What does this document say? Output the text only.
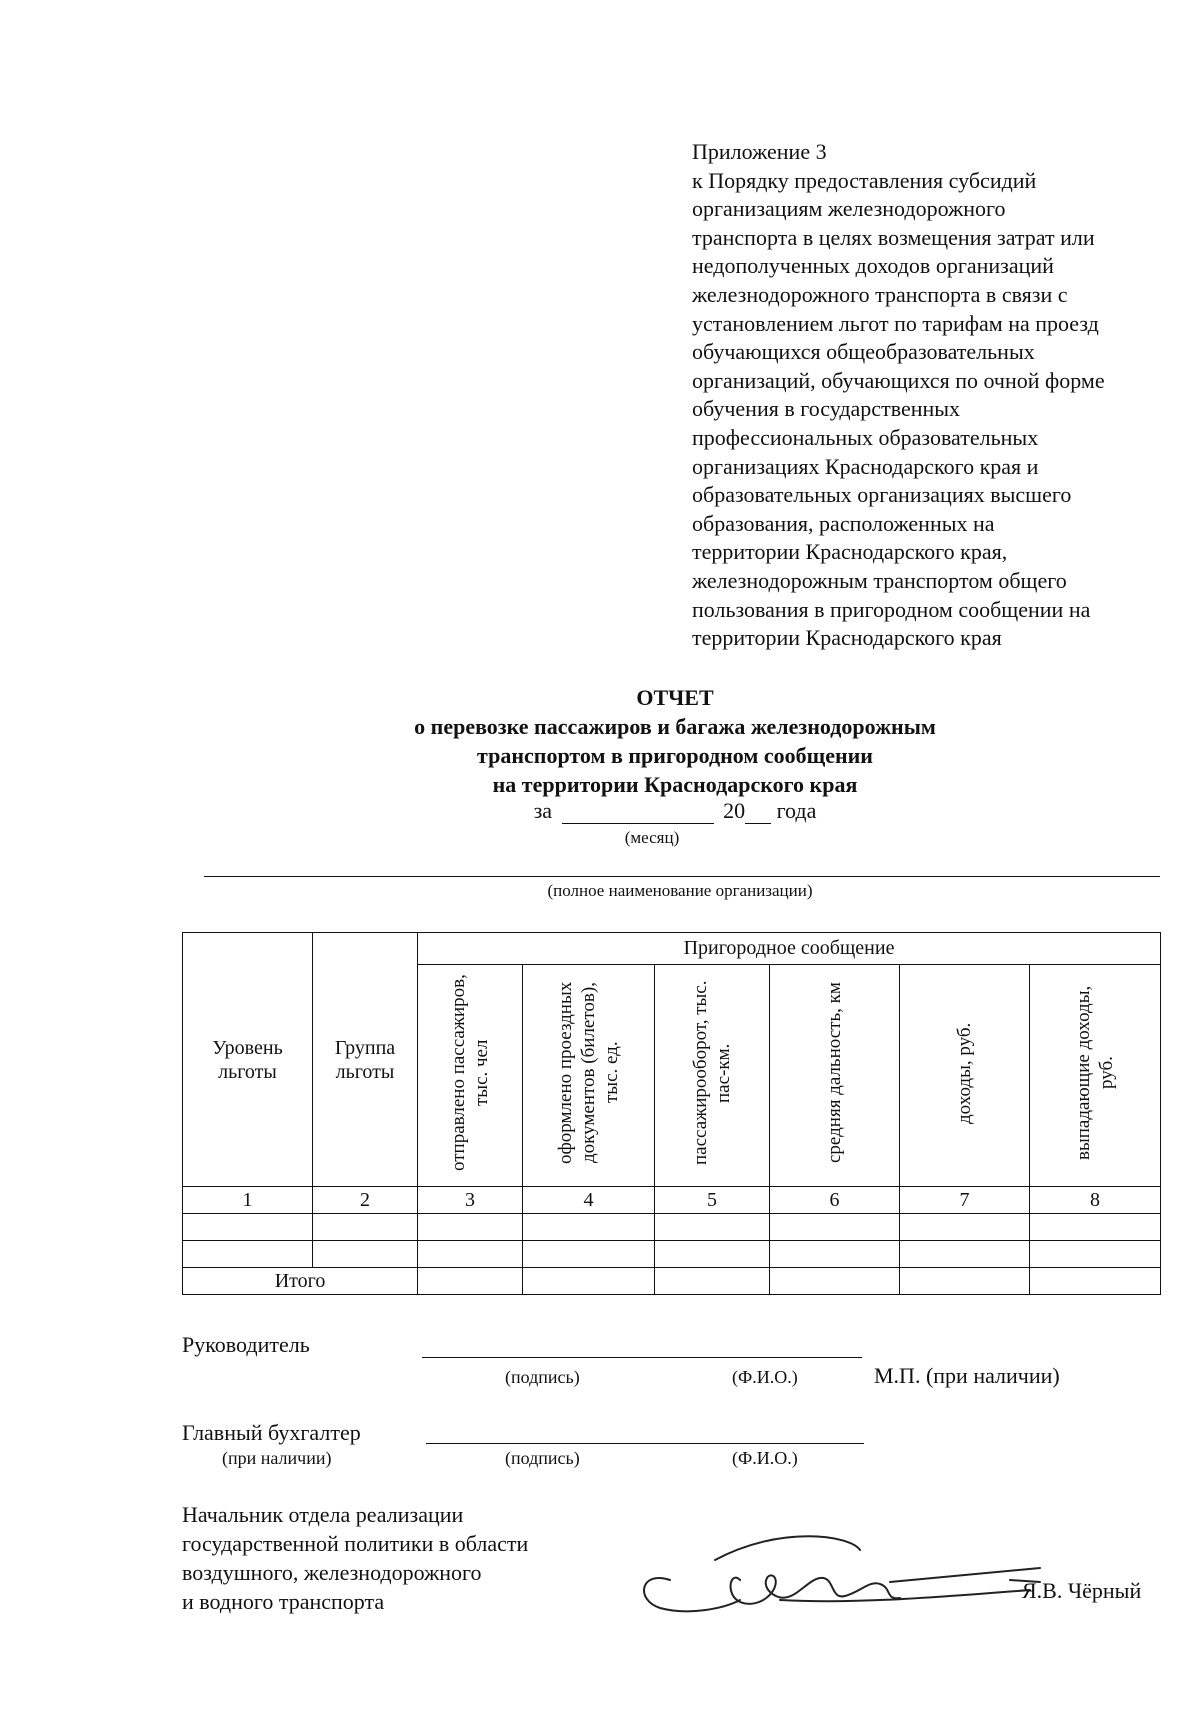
Приложение 3
к Порядку предоставления субсидий
организациям железнодорожного
транспорта в целях возмещения затрат или
недополученных доходов организаций
железнодорожного транспорта в связи с
установлением льгот по тарифам на проезд
обучающихся общеобразовательных
организаций, обучающихся по очной форме
обучения в государственных
профессиональных образовательных
организациях Краснодарского края и
образовательных организациях высшего
образования, расположенных на
территории Краснодарского края,
железнодорожным транспортом общего
пользования в пригородном сообщении на
территории Краснодарского края
ОТЧЕТ
о перевозке пассажиров и багажа железнодорожным
транспортом в пригородном сообщении
на территории Краснодарского края
за	20 года
(месяц)
(полное наименование организации)
Уровень льготы	Группа льготы	Пригородное сообщение					
		отправлено пассажиров, тыс. чел	оформлено проездных документов (билетов), тыс. ед.	пассажирооборот, тыс. пас-км.	средняя дальность, км	доходы, руб.	выпадающие доходы, руб.
1	2	3	4	5	6	7	8

Итого							
Руководитель
(подпись)	(Ф.И.О.)	М.П. (при наличии)
Главный бухгалтер
(при наличии)	(подпись)	(Ф.И.О.)
Начальник отдела реализации
государственной политики в области
воздушного, железнодорожного
и водного транспорта	Я.В. Чёрный
